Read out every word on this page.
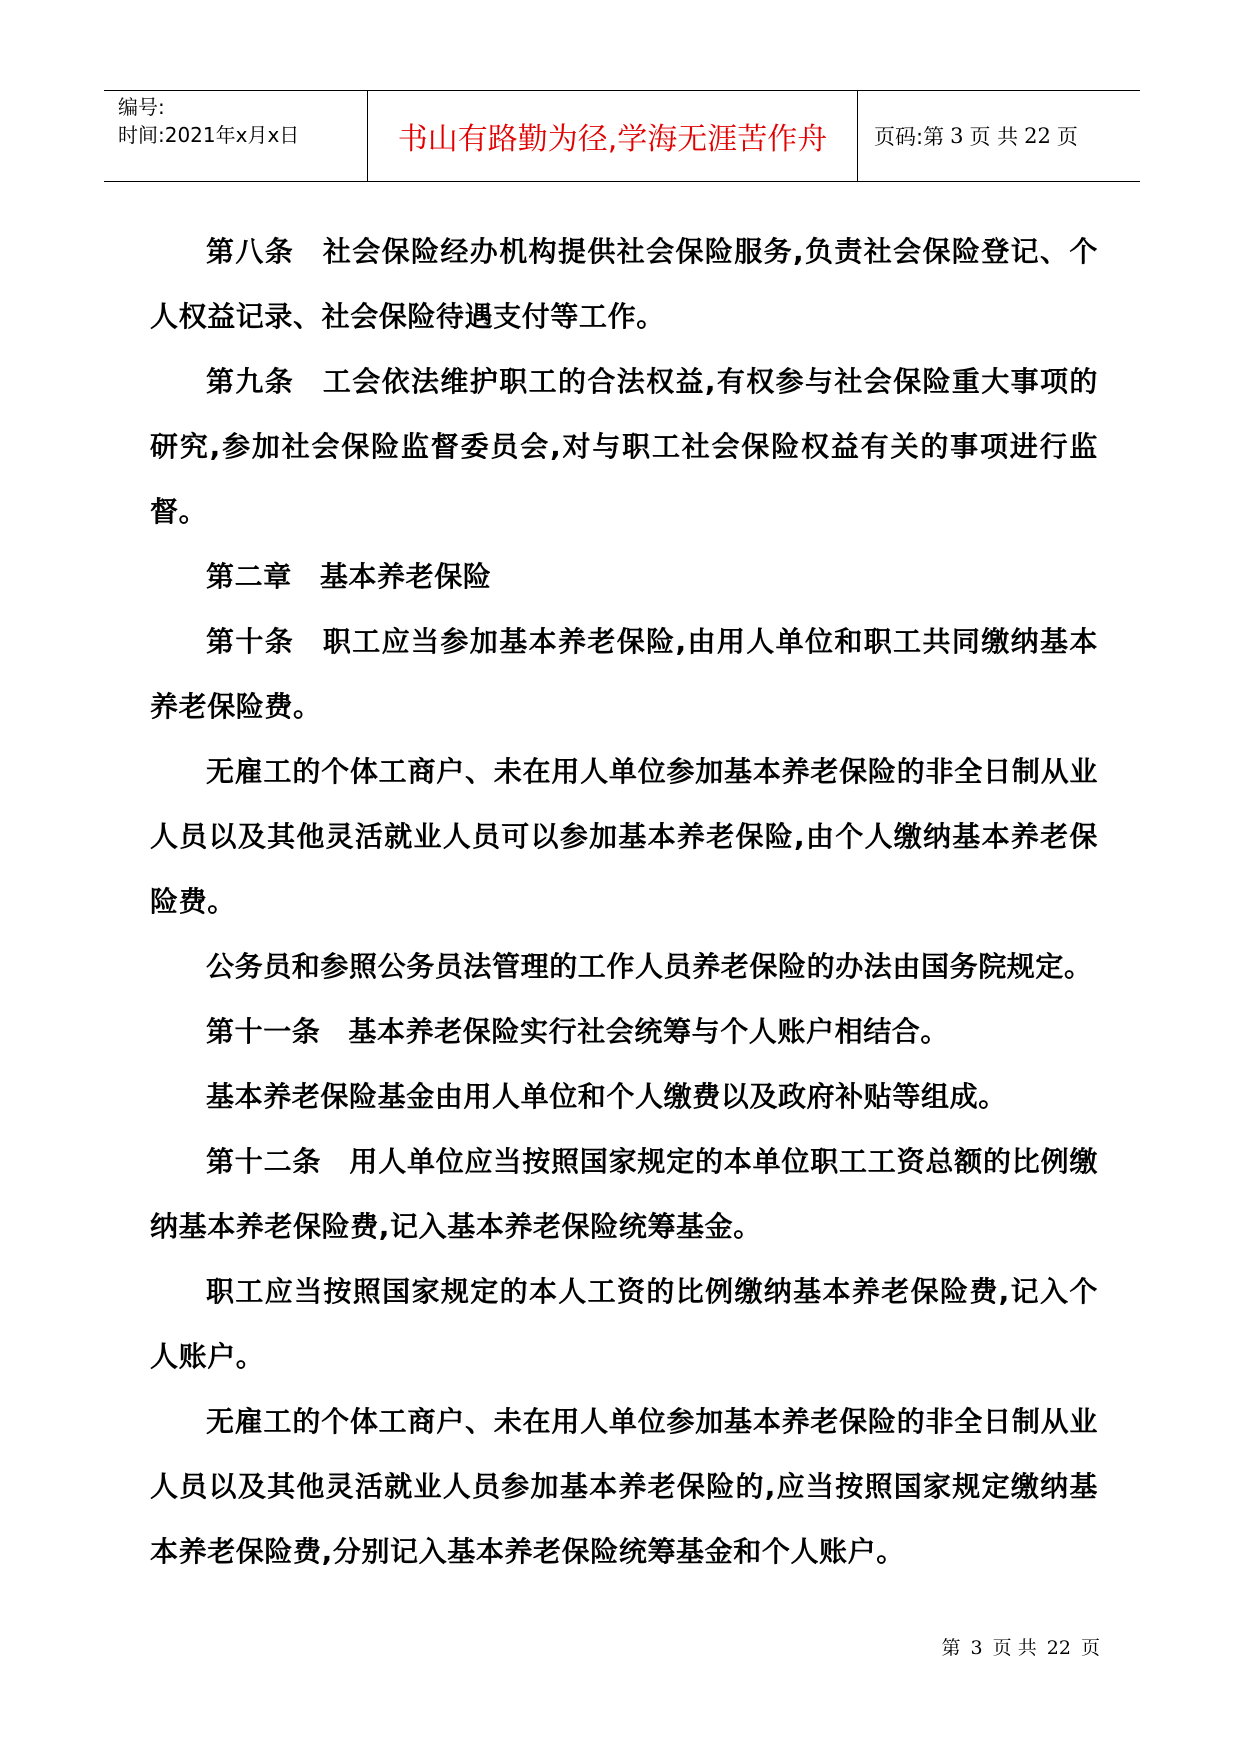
编号:
时间:2021年x月x日	书山有路勤为径,学海无涯苦作舟	页码:第 3 页 共 22 页

第八条 社会保险经办机构提供社会保险服务,负责社会保险登记、个人权益记录、社会保险待遇支付等工作。

第九条 工会依法维护职工的合法权益,有权参与社会保险重大事项的研究,参加社会保险监督委员会,对与职工社会保险权益有关的事项进行监督。

第二章 基本养老保险

第十条 职工应当参加基本养老保险,由用人单位和职工共同缴纳基本养老保险费。

无雇工的个体工商户、未在用人单位参加基本养老保险的非全日制从业人员以及其他灵活就业人员可以参加基本养老保险,由个人缴纳基本养老保险费。

公务员和参照公务员法管理的工作人员养老保险的办法由国务院规定。

第十一条 基本养老保险实行社会统筹与个人账户相结合。

基本养老保险基金由用人单位和个人缴费以及政府补贴等组成。

第十二条 用人单位应当按照国家规定的本单位职工工资总额的比例缴纳基本养老保险费,记入基本养老保险统筹基金。

职工应当按照国家规定的本人工资的比例缴纳基本养老保险费,记入个人账户。

无雇工的个体工商户、未在用人单位参加基本养老保险的非全日制从业人员以及其他灵活就业人员参加基本养老保险的,应当按照国家规定缴纳基本养老保险费,分别记入基本养老保险统筹基金和个人账户。

第 3 页 共 22 页
